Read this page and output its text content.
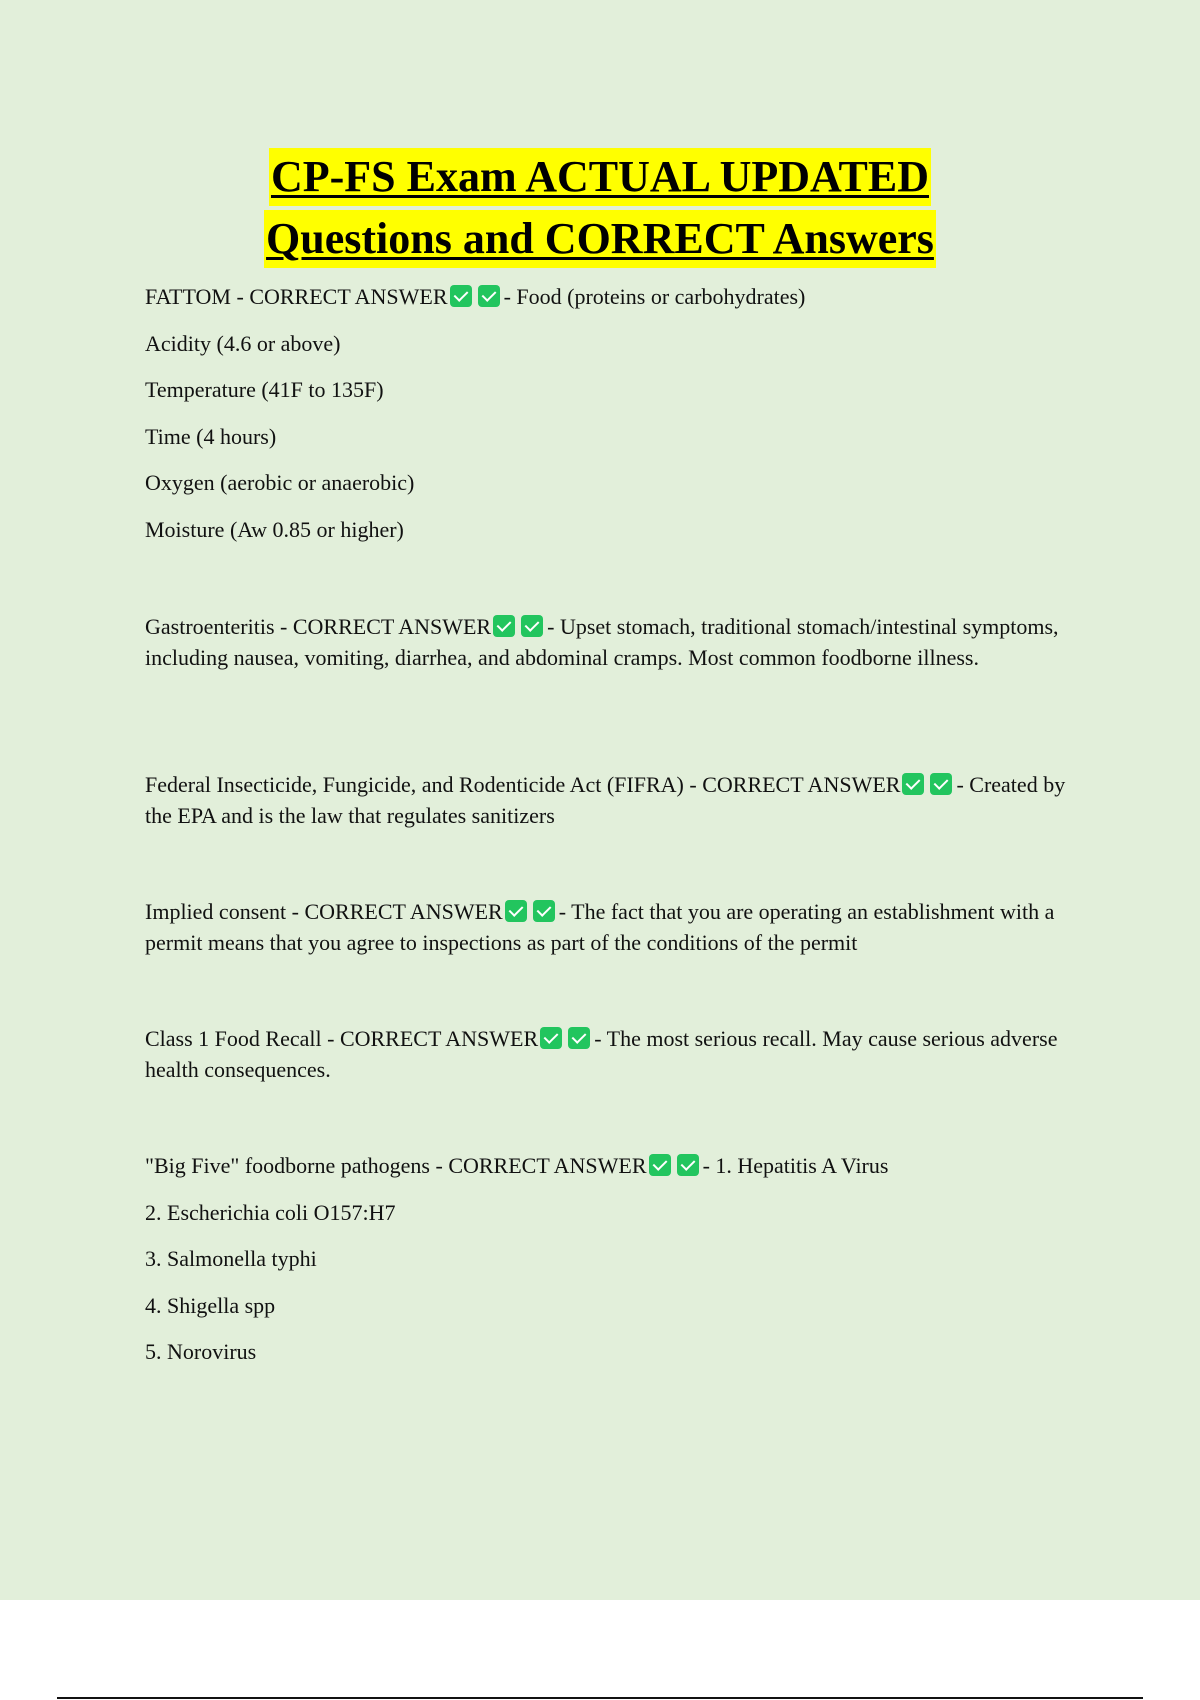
CP-FS Exam ACTUAL UPDATED
Questions and CORRECT Answers
FATTOM - CORRECT ANSWER	- Food (proteins or carbohydrates)
Acidity (4.6 or above)
Temperature (41F to 135F)
Time (4 hours)
Oxygen (aerobic or anaerobic)
Moisture (Aw 0.85 or higher)
Gastroenteritis - CORRECT ANSWER	- Upset stomach, traditional stomach/intestinal symptoms, including nausea, vomiting, diarrhea, and abdominal cramps. Most common foodborne illness.
Federal Insecticide, Fungicide, and Rodenticide Act (FIFRA) - CORRECT ANSWER	- Created by the EPA and is the law that regulates sanitizers
Implied consent - CORRECT ANSWER	- The fact that you are operating an establishment with a permit means that you agree to inspections as part of the conditions of the permit
Class 1 Food Recall - CORRECT ANSWER	- The most serious recall. May cause serious adverse health consequences.
"Big Five" foodborne pathogens - CORRECT ANSWER	- 1. Hepatitis A Virus
2. Escherichia coli O157:H7
3. Salmonella typhi
4. Shigella spp
5. Norovirus
